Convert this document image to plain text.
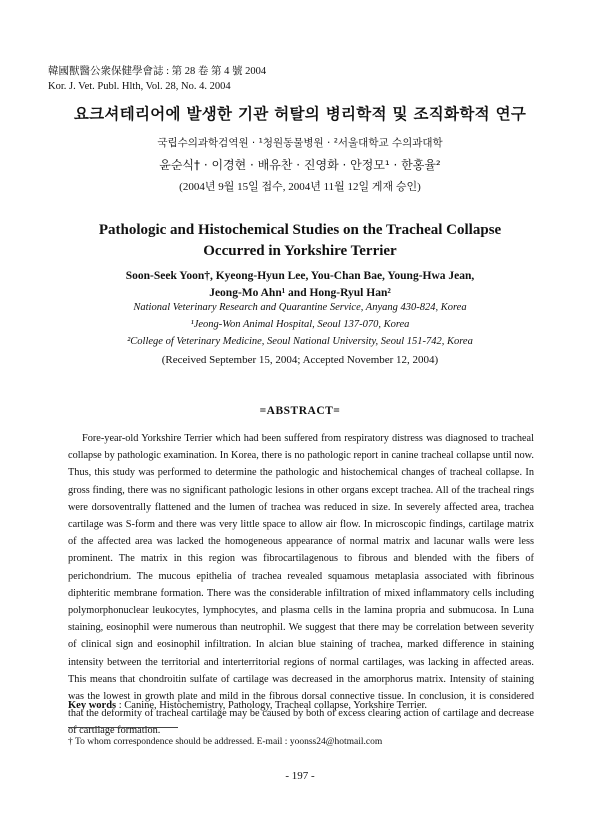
韓國獸醫公衆保健學會誌 : 第 28 卷 第 4 號 2004
Kor. J. Vet. Publ. Hlth, Vol. 28, No. 4. 2004
요크셔테리어에 발생한 기관 허탈의 병리학적 및 조직화학적 연구
국립수의과학검역원 · ¹청원동물병원 · ²서울대학교 수의과대학
윤순식† · 이경현 · 배유찬 · 진영화 · 안정모¹ · 한홍율²
(2004년 9월 15일 접수, 2004년 11월 12일 게재 승인)
Pathologic and Histochemical Studies on the Tracheal Collapse
Occurred in Yorkshire Terrier
Soon-Seek Yoon†, Kyeong-Hyun Lee, You-Chan Bae, Young-Hwa Jean,
Jeong-Mo Ahn¹ and Hong-Ryul Han²
National Veterinary Research and Quarantine Service, Anyang 430-824, Korea
¹Jeong-Won Animal Hospital, Seoul 137-070, Korea
²College of Veterinary Medicine, Seoul National University, Seoul 151-742, Korea
(Received September 15, 2004; Accepted November 12, 2004)
=ABSTRACT=

Fore-year-old Yorkshire Terrier which had been suffered from respiratory distress was diagnosed to tracheal collapse by pathologic examination. In Korea, there is no pathologic report in canine tracheal collapse until now. Thus, this study was performed to determine the pathologic and histochemical changes of tracheal collapse. In gross finding, there was no significant pathologic lesions in other organs except trachea. All of the tracheal rings were dorsoventrally flattened and the lumen of trachea was reduced in size. In severely affected area, trachea cartilage was S-form and there was very little space to allow air flow. In microscopic findings, cartilage matrix of the affected area was lacked the homogeneous appearance of normal matrix and lacunar walls were less prominent. The matrix in this region was fibrocartilagenous to fibrous and blended with the fibers of perichondrium. The mucous epithelia of trachea revealed squamous metaplasia associated with fibrinous diphteritic membrane formation. There was the considerable infiltration of mixed inflammatory cells including polymorphonuclear leukocytes, lymphocytes, and plasma cells in the lamina propria and submucosa. In Luna staining, eosinophil were numerous than neutrophil. We suggest that there may be correlation between severity of clinical sign and eosinophil infiltration. In alcian blue staining of trachea, marked difference in staining intensity between the territorial and interterritorial regions of normal cartilages, was lacking in affected areas. This means that chondroitin sulfate of cartilage was decreased in the amorphorus matrix. Intensity of staining was the lowest in growth plate and mild in the fibrous dorsal connective tissue. In conclusion, it is considered that the deformity of tracheal cartilage may be caused by both of excess clearing action of cartilage and decrease of cartilage formation.

Key words : Canine, Histochemistry, Pathology, Tracheal collapse, Yorkshire Terrier.
† To whom correspondence should be addressed. E-mail : yoonss24@hotmail.com
- 197 -
